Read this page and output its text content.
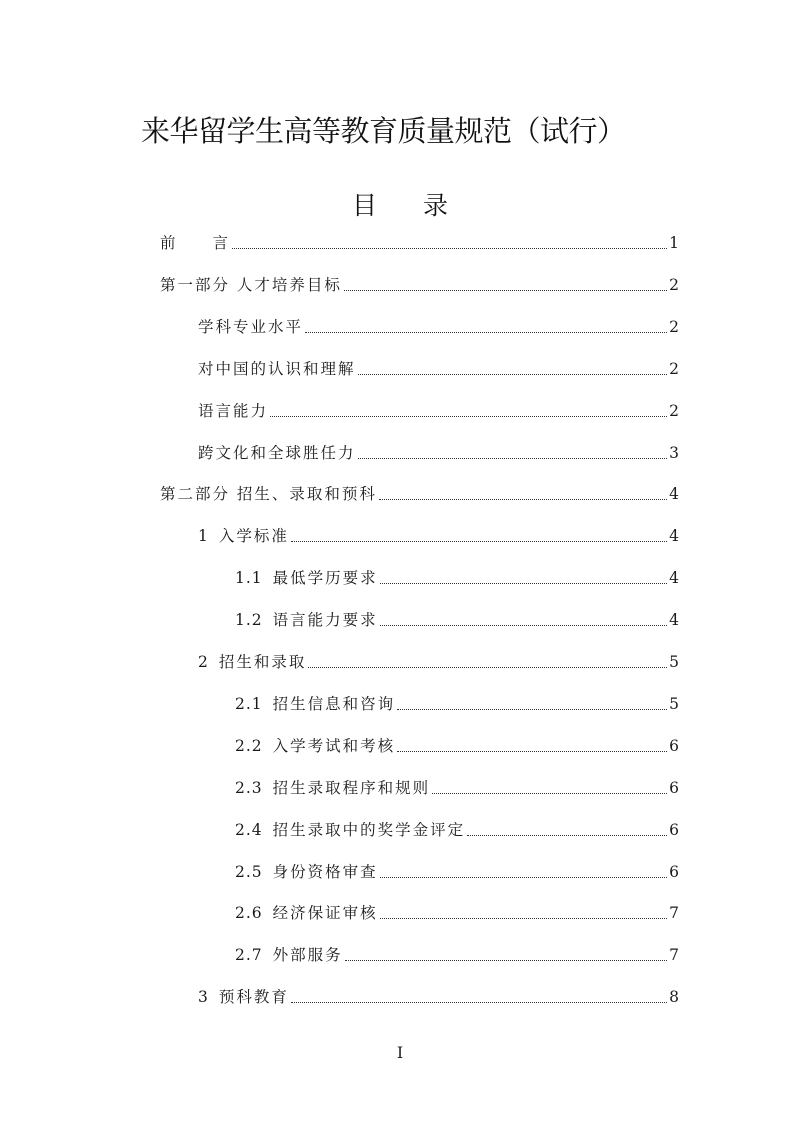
来华留学生高等教育质量规范（试行）
目 录
前　　言	1
第一部分 人才培养目标	2
学科专业水平	2
对中国的认识和理解	2
语言能力	2
跨文化和全球胜任力	3
第二部分 招生、录取和预科	4
1 入学标准	4
1.1 最低学历要求	4
1.2 语言能力要求	4
2 招生和录取	5
2.1 招生信息和咨询	5
2.2 入学考试和考核	6
2.3 招生录取程序和规则	6
2.4 招生录取中的奖学金评定	6
2.5 身份资格审查	6
2.6 经济保证审核	7
2.7 外部服务	7
3 预科教育	8
I
